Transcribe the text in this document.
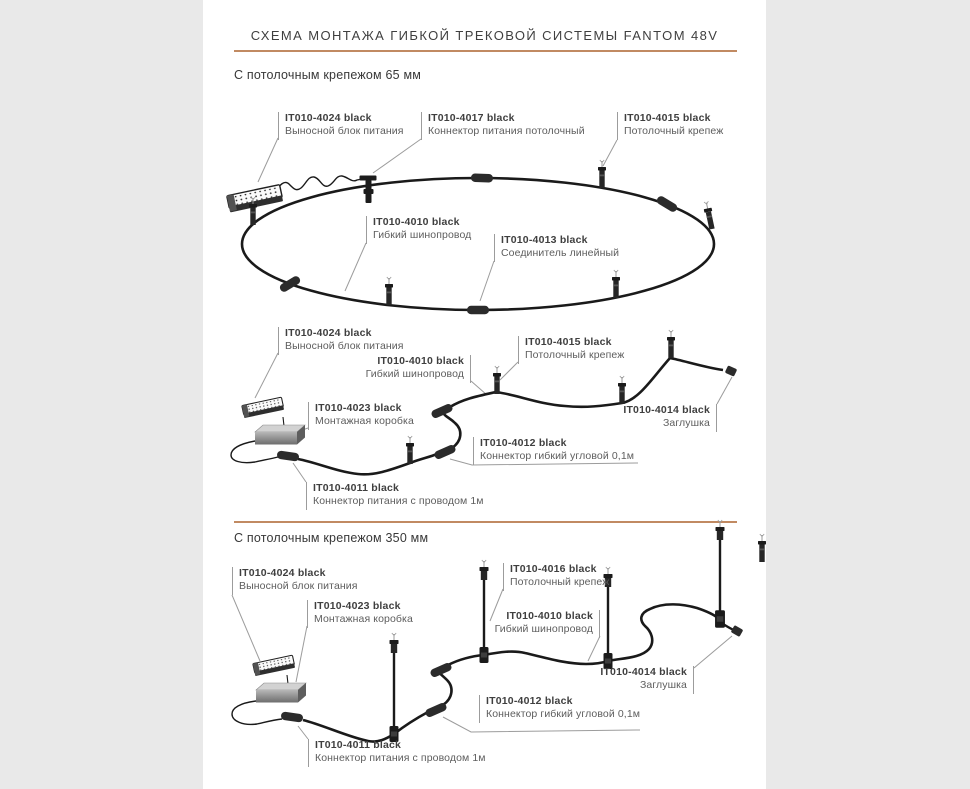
СХЕМА МОНТАЖА ГИБКОЙ ТРЕКОВОЙ СИСТЕМЫ FANTOM 48V
С потолочным крепежом 65 мм
С потолочным крепежом 350 мм
IT010-4024 black
Выносной блок питания
IT010-4017 black
Коннектор питания потолочный
IT010-4015 black
Потолочный крепеж
IT010-4010 black
Гибкий шинопровод	IT010-4013 black
Соединитель линейный
IT010-4024 black
Выносной блок питания
IT010-4010 black
Гибкий шинопровод
IT010-4023 black
Монтажная коробка
IT010-4015 black
Потолочный крепеж
IT010-4014 black
Заглушка
IT010-4012 black
Коннектор гибкий угловой 0,1м
IT010-4011 black
Коннектор питания с проводом 1м
IT010-4024 black
Выносной блок питания
IT010-4016 black
Потолочный крепеж
IT010-4023 black
Монтажная коробка	IT010-4010 black
Гибкий шинопровод
IT010-4014 black
Заглушка
IT010-4012 black
Коннектор гибкий угловой 0,1м
IT010-4011 black
Коннектор питания с проводом 1м
